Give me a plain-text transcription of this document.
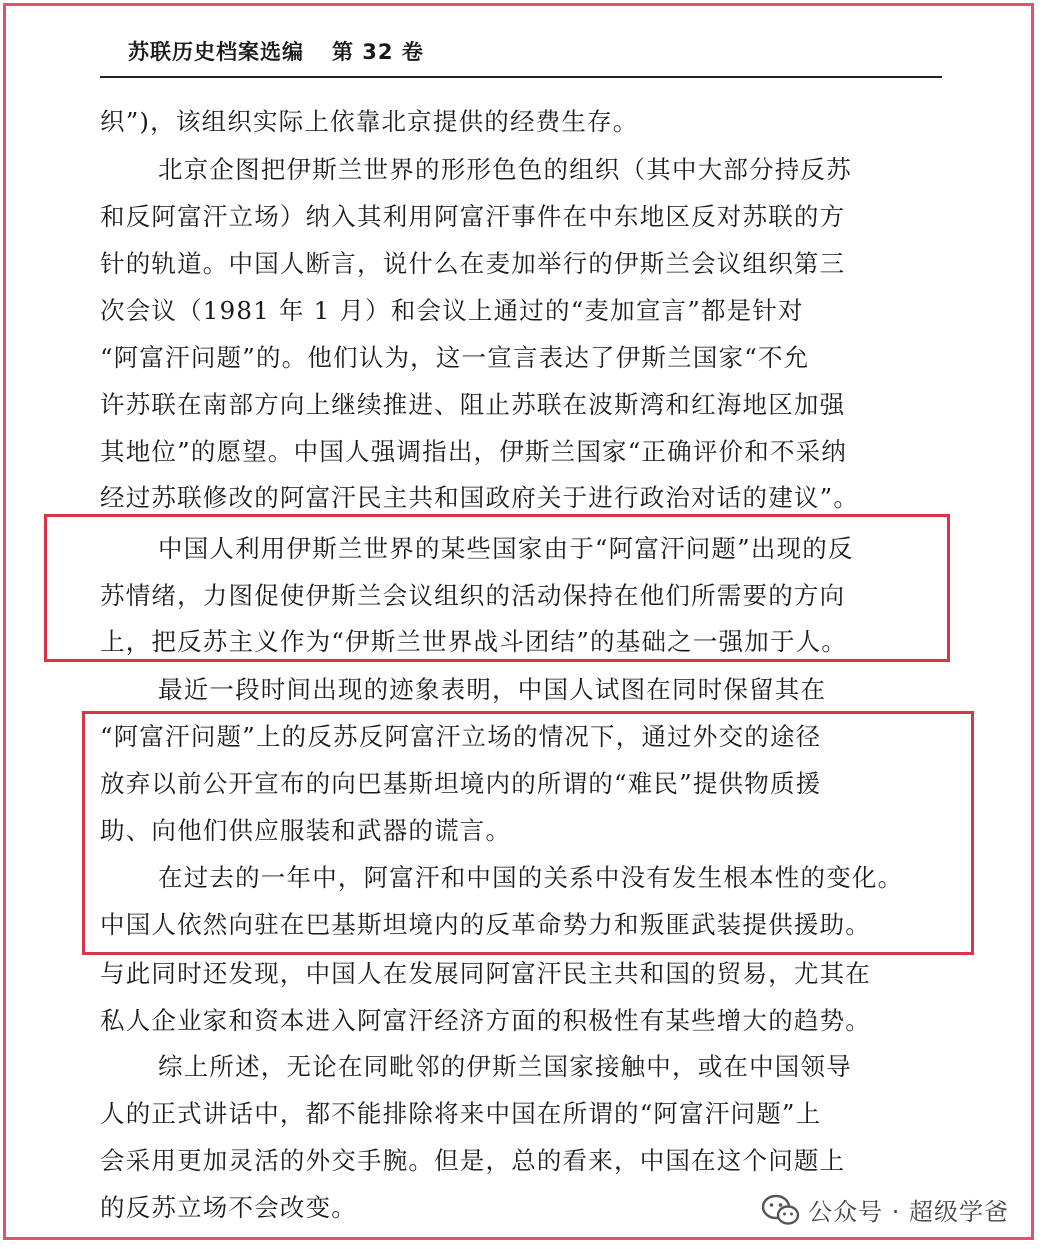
苏联历史档案选编 第 32 卷
织”)，该组织实际上依靠北京提供的经费生存。
北京企图把伊斯兰世界的形形色色的组织（其中大部分持反苏
和反阿富汗立场）纳入其利用阿富汗事件在中东地区反对苏联的方
针的轨道。中国人断言，说什么在麦加举行的伊斯兰会议组织第三
次会议（1981 年 1 月）和会议上通过的“麦加宣言”都是针对
“阿富汗问题”的。他们认为，这一宣言表达了伊斯兰国家“不允
许苏联在南部方向上继续推进、阻止苏联在波斯湾和红海地区加强
其地位”的愿望。中国人强调指出，伊斯兰国家“正确评价和不采纳
经过苏联修改的阿富汗民主共和国政府关于进行政治对话的建议”。
中国人利用伊斯兰世界的某些国家由于“阿富汗问题”出现的反
苏情绪，力图促使伊斯兰会议组织的活动保持在他们所需要的方向
上，把反苏主义作为“伊斯兰世界战斗团结”的基础之一强加于人。
最近一段时间出现的迹象表明，中国人试图在同时保留其在
“阿富汗问题”上的反苏反阿富汗立场的情况下，通过外交的途径
放弃以前公开宣布的向巴基斯坦境内的所谓的“难民”提供物质援
助、向他们供应服装和武器的谎言。
在过去的一年中，阿富汗和中国的关系中没有发生根本性的变化。
中国人依然向驻在巴基斯坦境内的反革命势力和叛匪武装提供援助。
与此同时还发现，中国人在发展同阿富汗民主共和国的贸易，尤其在
私人企业家和资本进入阿富汗经济方面的积极性有某些增大的趋势。
综上所述，无论在同毗邻的伊斯兰国家接触中，或在中国领导
人的正式讲话中，都不能排除将来中国在所谓的“阿富汗问题”上
会采用更加灵活的外交手腕。但是，总的看来，中国在这个问题上
的反苏立场不会改变。	公众号 · 超级学爸
